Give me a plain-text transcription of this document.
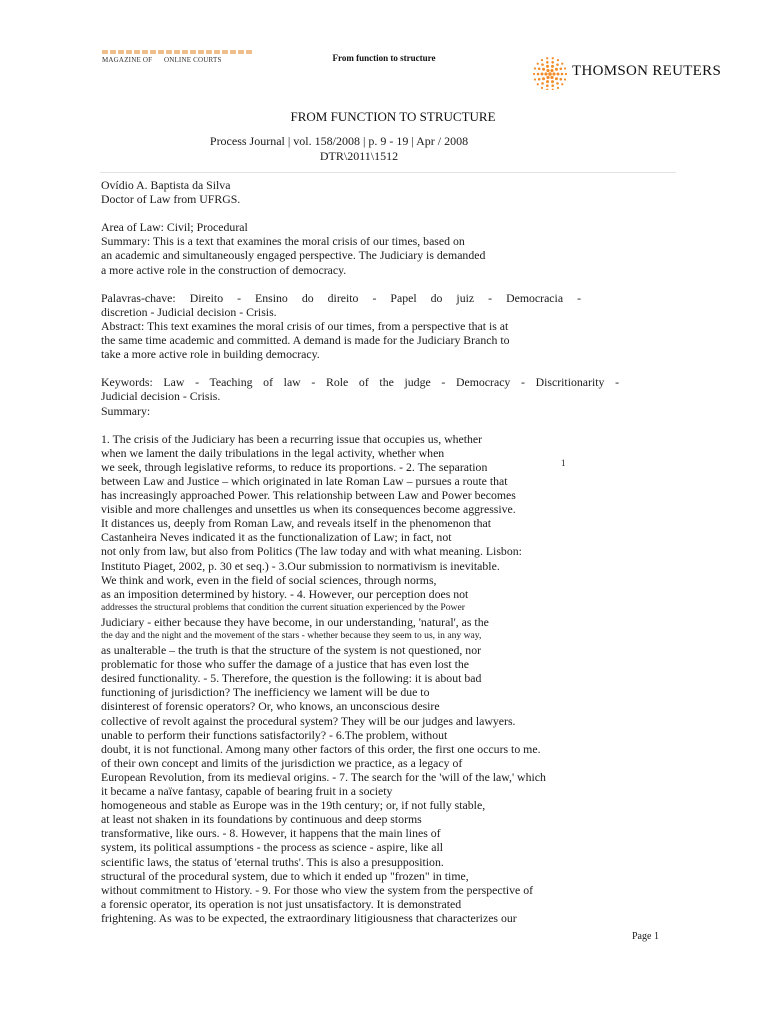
MAGAZINE OF ONLINE COURTS	From function to structure
THOMSON REUTERS
FROM FUNCTION TO STRUCTURE
Process Journal | vol. 158/2008 | p. 9 - 19 | Apr / 2008
DTR\2011\1512
Ovídio A. Baptista da Silva
Doctor of Law from UFRGS.
Area of Law: Civil; Procedural
Summary: This is a text that examines the moral crisis of our times, based on
an academic and simultaneously engaged perspective. The Judiciary is demanded
a more active role in the construction of democracy.
Palavras-chave: Direito - Ensino do direito - Papel do juiz - Democracia -
discretion - Judicial decision - Crisis.
Abstract: This text examines the moral crisis of our times, from a perspective that is at
the same time academic and committed. A demand is made for the Judiciary Branch to
take a more active role in building democracy.
Keywords: Law - Teaching of law - Role of the judge - Democracy - Discritionarity -
Judicial decision - Crisis.
Summary:
1. The crisis of the Judiciary has been a recurring issue that occupies us, whether
when we lament the daily tribulations in the legal activity, whether when
we seek, through legislative reforms, to reduce its proportions. - 2. The separation
between Law and Justice – which originated in late Roman Law – pursues a route that
has increasingly approached Power. This relationship between Law and Power becomes
visible and more challenges and unsettles us when its consequences become aggressive.
It distances us, deeply from Roman Law, and reveals itself in the phenomenon that
Castanheira Neves indicated it as the functionalization of Law; in fact, not
not only from law, but also from Politics (The law today and with what meaning. Lisbon:
Instituto Piaget, 2002, p. 30 et seq.) - 3.Our submission to normativism is inevitable.
We think and work, even in the field of social sciences, through norms,
as an imposition determined by history. - 4. However, our perception does not
addresses the structural problems that condition the current situation experienced by the Power
Judiciary - either because they have become, in our understanding, 'natural', as the
the day and the night and the movement of the stars - whether because they seem to us, in any way,
as unalterable – the truth is that the structure of the system is not questioned, nor
problematic for those who suffer the damage of a justice that has even lost the
desired functionality. - 5. Therefore, the question is the following: it is about bad
functioning of jurisdiction? The inefficiency we lament will be due to
disinterest of forensic operators? Or, who knows, an unconscious desire
collective of revolt against the procedural system? They will be our judges and lawyers.
unable to perform their functions satisfactorily? - 6.The problem, without
doubt, it is not functional. Among many other factors of this order, the first one occurs to me.
of their own concept and limits of the jurisdiction we practice, as a legacy of
European Revolution, from its medieval origins. - 7. The search for the 'will of the law,' which
it became a naïve fantasy, capable of bearing fruit in a society
homogeneous and stable as Europe was in the 19th century; or, if not fully stable,
at least not shaken in its foundations by continuous and deep storms
transformative, like ours. - 8. However, it happens that the main lines of
system, its political assumptions - the process as science - aspire, like all
scientific laws, the status of 'eternal truths'. This is also a presupposition.
structural of the procedural system, due to which it ended up "frozen" in time,
without commitment to History. - 9. For those who view the system from the perspective of
a forensic operator, its operation is not just unsatisfactory. It is demonstrated
frightening. As was to be expected, the extraordinary litigiousness that characterizes our
1
Page 1
